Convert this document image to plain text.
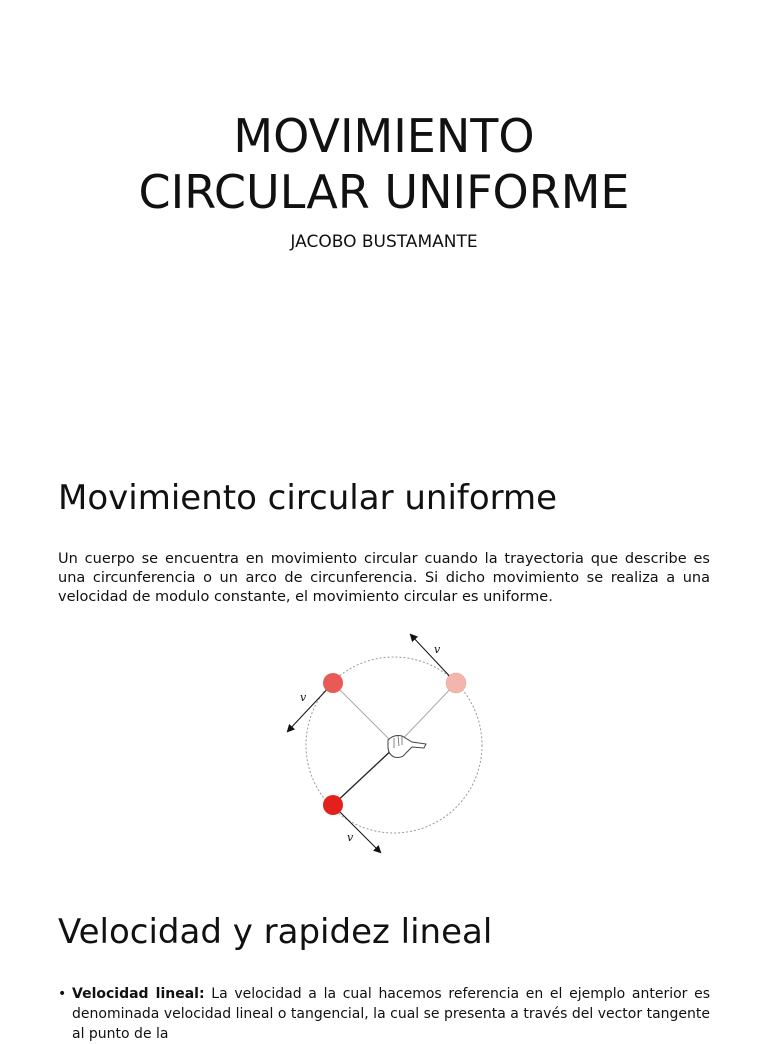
MOVIMIENTO
CIRCULAR UNIFORME

JACOBO BUSTAMANTE

Movimiento circular uniforme

Un cuerpo se encuentra en movimiento circular cuando la trayectoria que describe es una circunferencia o un arco de circunferencia. Si dicho movimiento se realiza a una velocidad de modulo constante, el movimiento circular es uniforme.

v
v
v
Velocidad y rapidez lineal
• Velocidad lineal: La velocidad a la cual hacemos referencia en el ejemplo anterior es denominada velocidad lineal o tangencial, la cual se presenta a través del vector tangente al punto de la
